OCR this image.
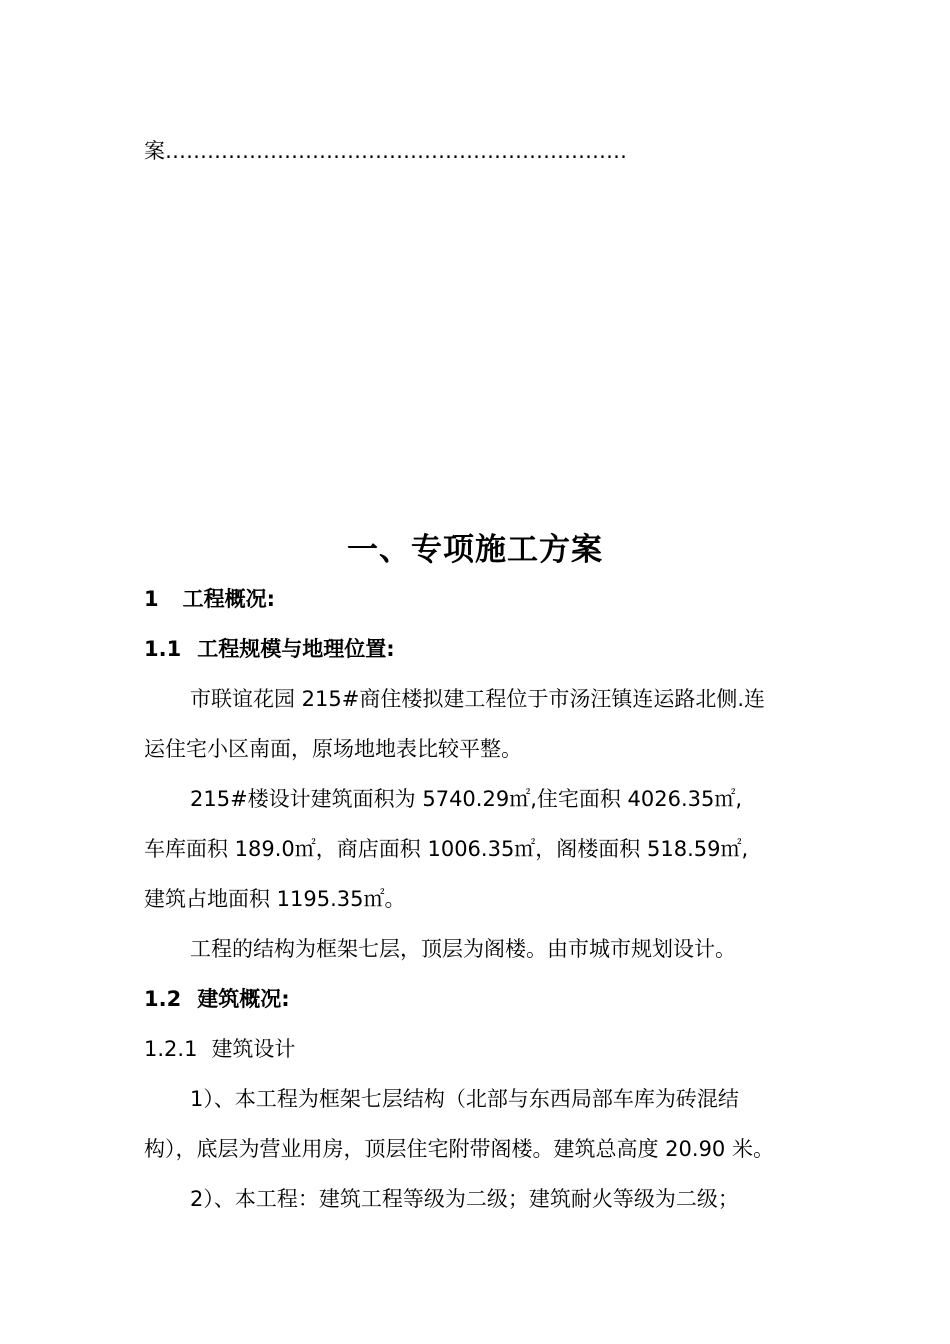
案…………………………………………………………
一、专项施工方案
1 工程概况:
1.1 工程规模与地理位置:
市联谊花园 215#商住楼拟建工程位于市汤汪镇连运路北侧.连
运住宅小区南面，原场地地表比较平整。
215#楼设计建筑面积为 5740.29㎡,住宅面积 4026.35㎡,
车库面积 189.0㎡，商店面积 1006.35㎡，阁楼面积 518.59㎡,
建筑占地面积 1195.35㎡。
工程的结构为框架七层，顶层为阁楼。由市城市规划设计。
1.2 建筑概况:
1.2.1 建筑设计
1）、本工程为框架七层结构（北部与东西局部车库为砖混结
构），底层为营业用房，顶层住宅附带阁楼。建筑总高度 20.90 米。
2）、本工程：建筑工程等级为二级；建筑耐火等级为二级；
